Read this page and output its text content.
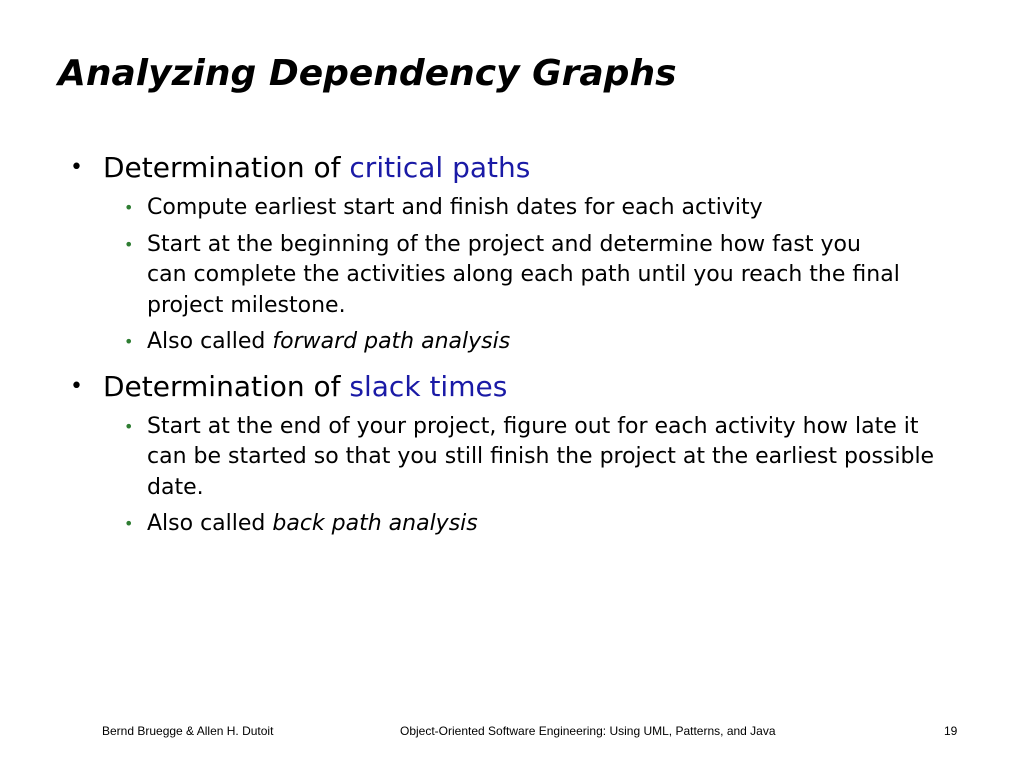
Analyzing Dependency Graphs
• Determination of critical paths
• Compute earliest start and finish dates for each activity
• Start at the beginning of the project and determine how fast you can complete the activities along each path until you reach the final project milestone.
• Also called forward path analysis
• Determination of slack times
• Start at the end of your project, figure out for each activity how late it can be started so that you still finish the project at the earliest possible date.
• Also called back path analysis
Bernd Bruegge & Allen H. Dutoit	Object-Oriented Software Engineering: Using UML, Patterns, and Java	19
